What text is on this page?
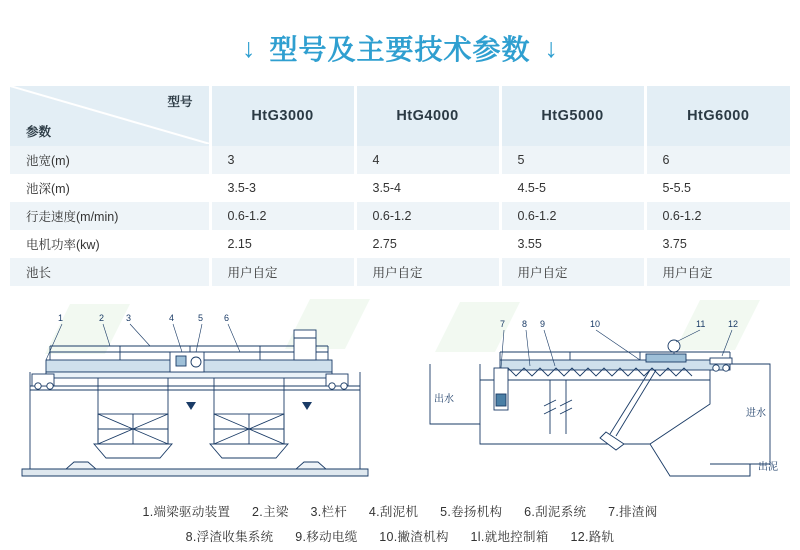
↓ 型号及主要技术参数 ↓
型号
参数	HtG3000	HtG4000	HtG5000	HtG6000
池宽(m)	3	4	5	6
池深(m)	3.5-3	3.5-4	4.5-5	5-5.5
行走速度(m/min)	0.6-1.2	0.6-1.2	0.6-1.2	0.6-1.2
电机功率(kw)	2.15	2.75	3.55	3.75
池长	用户自定	用户自定	用户自定	用户自定
1	2 3	4	5 6
7 8 9	10	11	12
出水
进水
出泥
1.端梁驱动装置 2.主梁 3.栏杆 4.刮泥机 5.卷扬机构 6.刮泥系统 7.排渣阀
8.浮渣收集系统 9.移动电缆 10.撇渣机构 1l.就地控制箱 12.路轨
